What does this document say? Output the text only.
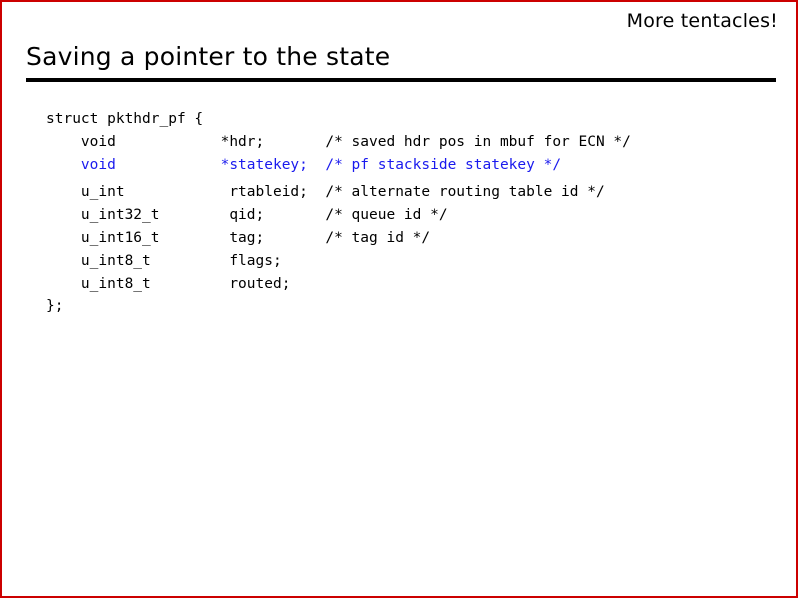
More tentacles!
Saving a pointer to the state
struct pkthdr_pf {
void            *hdr;       /* saved hdr pos in mbuf for ECN */
void            *statekey;  /* pf stackside statekey */
u_int            rtableid;  /* alternate routing table id */
u_int32_t        qid;       /* queue id */
u_int16_t        tag;       /* tag id */
u_int8_t         flags;
u_int8_t         routed;
};
